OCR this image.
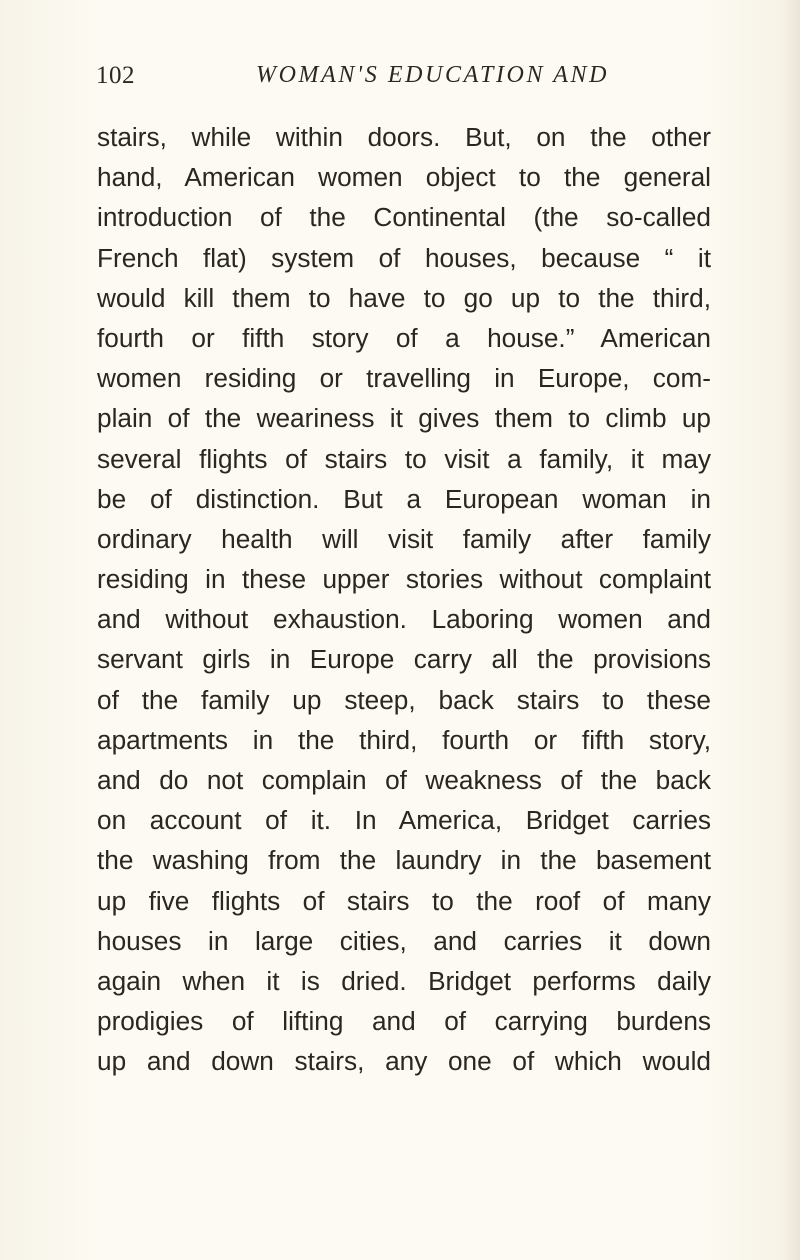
102	WOMAN'S EDUCATION AND
stairs, while within doors. But, on the other
hand, American women object to the general
introduction of the Continental (the so-called
French flat) system of houses, because “ it
would kill them to have to go up to the third,
fourth or fifth story of a house.” American
women residing or travelling in Europe, com-
plain of the weariness it gives them to climb up
several flights of stairs to visit a family, it may
be of distinction. But a European woman in
ordinary health will visit family after family
residing in these upper stories without complaint
and without exhaustion. Laboring women and
servant girls in Europe carry all the provisions
of the family up steep, back stairs to these
apartments in the third, fourth or fifth story,
and do not complain of weakness of the back
on account of it. In America, Bridget carries
the washing from the laundry in the basement
up five flights of stairs to the roof of many
houses in large cities, and carries it down
again when it is dried. Bridget performs daily
prodigies of lifting and of carrying burdens
up and down stairs, any one of which would
